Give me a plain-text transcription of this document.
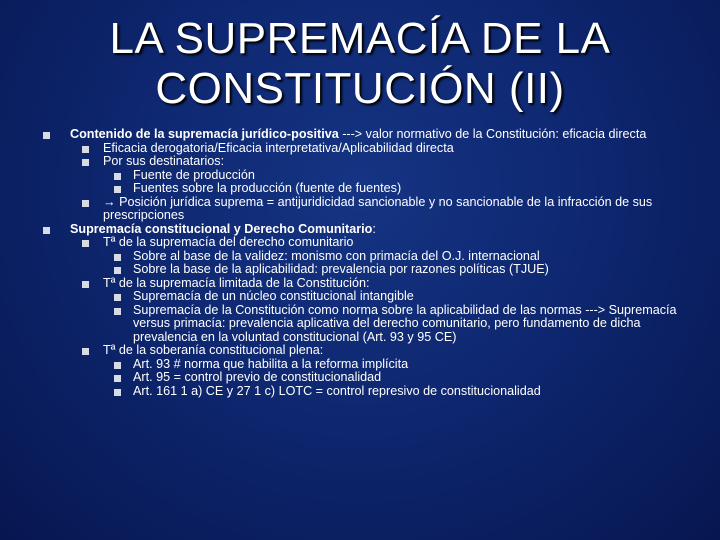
LA SUPREMACÍA DE LA
CONSTITUCIÓN (II)
Contenido de la supremacía jurídico-positiva ---> valor normativo de la Constitución: eficacia directa
Eficacia derogatoria/Eficacia interpretativa/Aplicabilidad directa
Por sus destinatarios:
Fuente de producción
Fuentes sobre la producción (fuente de fuentes)
→ Posición jurídica suprema = antijuridicidad sancionable y no sancionable de la infracción de sus prescripciones
Supremacía constitucional y Derecho Comunitario:
Tª de la supremacía del derecho comunitario
Sobre al base de la validez: monismo con primacía del O.J. internacional
Sobre la base de la aplicabilidad: prevalencia por razones políticas (TJUE)
Tª de la supremacía limitada de la Constitución:
Supremacía de un núcleo constitucional intangible
Supremacía de la Constitución como norma sobre la aplicabilidad de las normas ---> Supremacía versus primacía: prevalencia aplicativa del derecho comunitario, pero fundamento de dicha prevalencia en la voluntad constitucional (Art. 93 y 95 CE)
Tª de la soberanía constitucional plena:
Art. 93 # norma que habilita a la reforma implícita
Art. 95 = control previo de constitucionalidad
Art. 161 1 a) CE y 27 1 c) LOTC = control represivo de constitucionalidad
